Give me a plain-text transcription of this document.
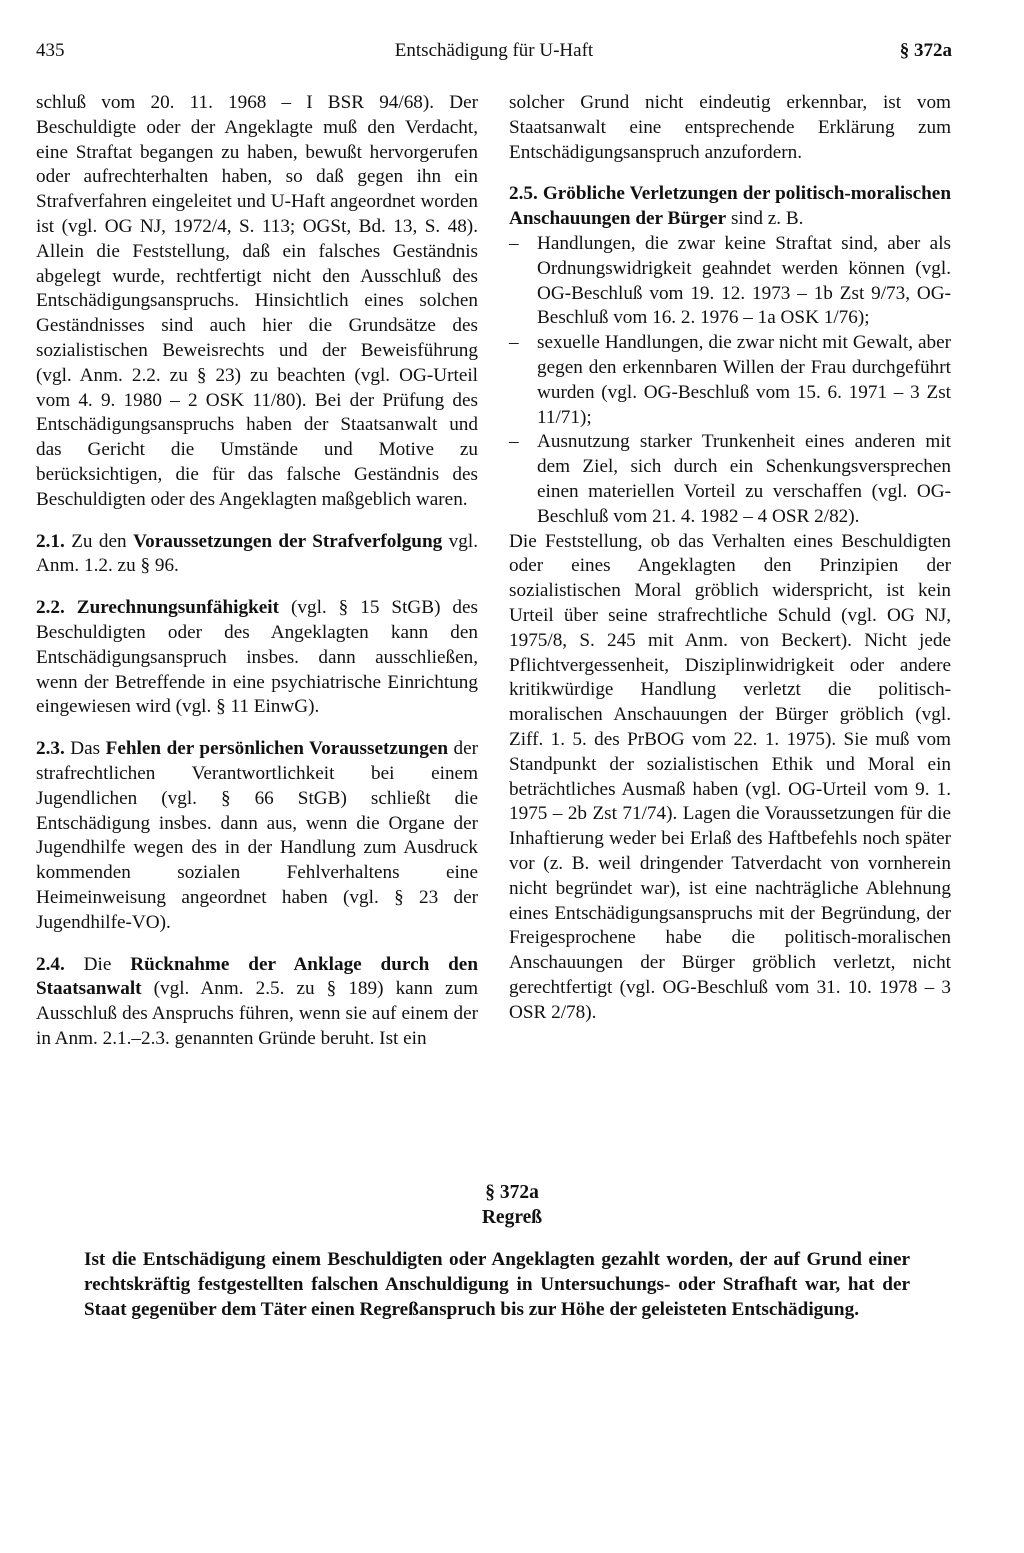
435	Entschädigung für U-Haft	§ 372a

schluß vom 20. 11. 1968 – I BSR 94/68). Der Beschuldigte oder der Angeklagte muß den Verdacht, eine Straftat begangen zu haben, bewußt hervorgerufen oder aufrechterhalten haben, so daß gegen ihn ein Strafverfahren eingeleitet und U-Haft angeordnet worden ist (vgl. OG NJ, 1972/4, S. 113; OGSt, Bd. 13, S. 48). Allein die Feststellung, daß ein falsches Geständnis abgelegt wurde, rechtfertigt nicht den Ausschluß des Entschädigungsanspruchs. Hinsichtlich eines solchen Geständnisses sind auch hier die Grundsätze des sozialistischen Beweisrechts und der Beweisführung (vgl. Anm. 2.2. zu § 23) zu beachten (vgl. OG-Urteil vom 4. 9. 1980 – 2 OSK 11/80). Bei der Prüfung des Entschädigungsanspruchs haben der Staatsanwalt und das Gericht die Umstände und Motive zu berücksichtigen, die für das falsche Geständnis des Beschuldigten oder des Angeklagten maßgeblich waren.

2.1. Zu den Voraussetzungen der Strafverfolgung vgl. Anm. 1.2. zu § 96.

2.2. Zurechnungsunfähigkeit (vgl. § 15 StGB) des Beschuldigten oder des Angeklagten kann den Entschädigungsanspruch insbes. dann ausschließen, wenn der Betreffende in eine psychiatrische Einrichtung eingewiesen wird (vgl. § 11 EinwG).

2.3. Das Fehlen der persönlichen Voraussetzungen der strafrechtlichen Verantwortlichkeit bei einem Jugendlichen (vgl. § 66 StGB) schließt die Entschädigung insbes. dann aus, wenn die Organe der Jugendhilfe wegen des in der Handlung zum Ausdruck kommenden sozialen Fehlverhaltens eine Heimeinweisung angeordnet haben (vgl. § 23 der Jugendhilfe-VO).

2.4. Die Rücknahme der Anklage durch den Staatsanwalt (vgl. Anm. 2.5. zu § 189) kann zum Ausschluß des Anspruchs führen, wenn sie auf einem der in Anm. 2.1.–2.3. genannten Gründe beruht. Ist ein

solcher Grund nicht eindeutig erkennbar, ist vom Staatsanwalt eine entsprechende Erklärung zum Entschädigungsanspruch anzufordern.

2.5. Gröbliche Verletzungen der politisch-moralischen Anschauungen der Bürger sind z. B.

– Handlungen, die zwar keine Straftat sind, aber als Ordnungswidrigkeit geahndet werden können (vgl. OG-Beschluß vom 19. 12. 1973 – 1b Zst 9/73, OG-Beschluß vom 16. 2. 1976 – 1a OSK 1/76);
– sexuelle Handlungen, die zwar nicht mit Gewalt, aber gegen den erkennbaren Willen der Frau durchgeführt wurden (vgl. OG-Beschluß vom 15. 6. 1971 – 3 Zst 11/71);
– Ausnutzung starker Trunkenheit eines anderen mit dem Ziel, sich durch ein Schenkungsversprechen einen materiellen Vorteil zu verschaffen (vgl. OG-Beschluß vom 21. 4. 1982 – 4 OSR 2/82).

Die Feststellung, ob das Verhalten eines Beschuldigten oder eines Angeklagten den Prinzipien der sozialistischen Moral gröblich widerspricht, ist kein Urteil über seine strafrechtliche Schuld (vgl. OG NJ, 1975/8, S. 245 mit Anm. von Beckert). Nicht jede Pflichtvergessenheit, Disziplinwidrigkeit oder andere kritikwürdige Handlung verletzt die politisch-moralischen Anschauungen der Bürger gröblich (vgl. Ziff. 1. 5. des PrBOG vom 22. 1. 1975). Sie muß vom Standpunkt der sozialistischen Ethik und Moral ein beträchtliches Ausmaß haben (vgl. OG-Urteil vom 9. 1. 1975 – 2b Zst 71/74). Lagen die Voraussetzungen für die Inhaftierung weder bei Erlaß des Haftbefehls noch später vor (z. B. weil dringender Tatverdacht von vornherein nicht begründet war), ist eine nachträgliche Ablehnung eines Entschädigungsanspruchs mit der Begründung, der Freigesprochene habe die politisch-moralischen Anschauungen der Bürger gröblich verletzt, nicht gerechtfertigt (vgl. OG-Beschluß vom 31. 10. 1978 – 3 OSR 2/78).

§ 372a
Regreß

Ist die Entschädigung einem Beschuldigten oder Angeklagten gezahlt worden, der auf Grund einer rechtskräftig festgestellten falschen Anschuldigung in Untersuchungs- oder Strafhaft war, hat der Staat gegenüber dem Täter einen Regreßanspruch bis zur Höhe der geleisteten Entschädigung.
